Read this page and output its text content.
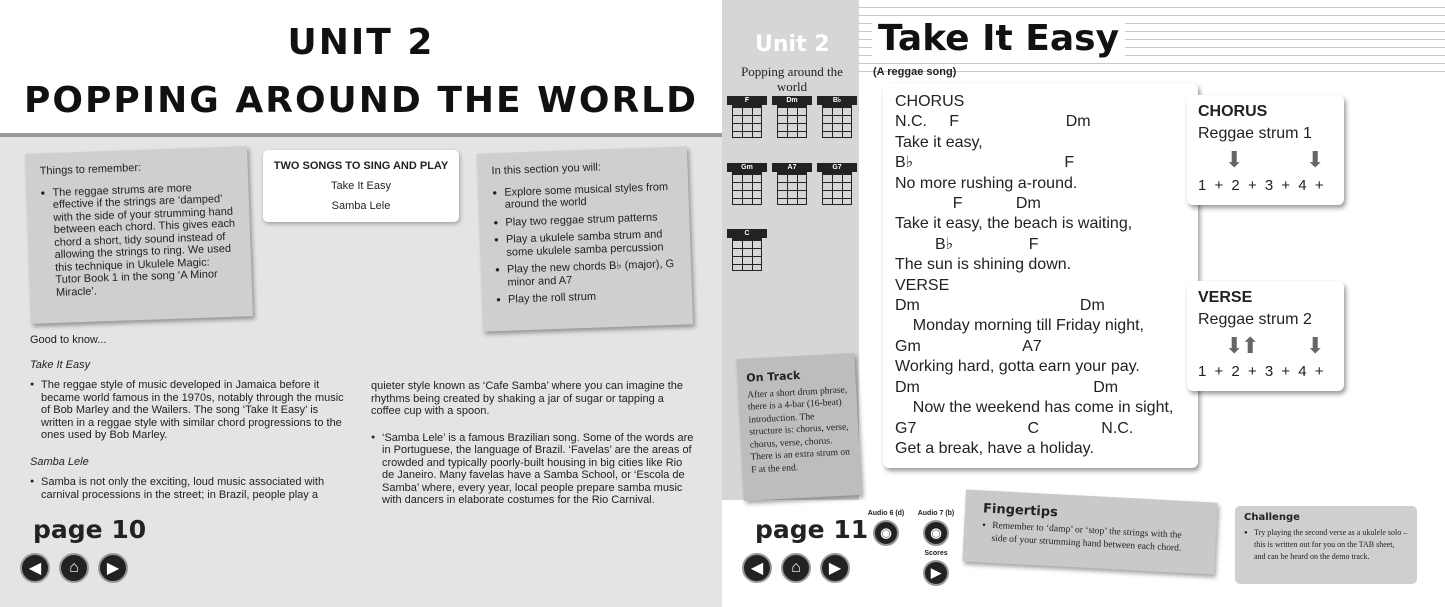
UNIT 2
POPPING AROUND THE WORLD
Things to remember:
● The reggae strums are more effective if the strings are ‘damped’ with the side of your strumming hand between each chord. This gives each chord a short, tidy sound instead of allowing the strings to ring. We used this technique in Ukulele Magic: Tutor Book 1 in the song ‘A Minor Miracle’.
TWO SONGS TO SING AND PLAY
Take It Easy
Samba Lele
In this section you will:
● Explore some musical styles from around the world
● Play two reggae strum patterns
● Play a ukulele samba strum and some ukulele samba percussion
● Play the new chords B♭ (major), G minor and A7
● Play the roll strum
Good to know...
Take It Easy
● The reggae style of music developed in Jamaica before it became world famous in the 1970s, notably through the music of Bob Marley and the Wailers. The song ‘Take It Easy’ is written in a reggae style with similar chord progressions to the ones used by Bob Marley.
Samba Lele
● Samba is not only the exciting, loud music associated with carnival processions in the street; in Brazil, people play a
quieter style known as ‘Cafe Samba’ where you can imagine the rhythms being created by shaking a jar of sugar or tapping a coffee cup with a spoon.
● ‘Samba Lele’ is a famous Brazilian song. Some of the words are in Portuguese, the language of Brazil. ‘Favelas’ are the areas of crowded and typically poorly-built housing in big cities like Rio de Janeiro. Many favelas have a Samba School, or ‘Escola de Samba’ where, every year, local people prepare samba music with dancers in elaborate costumes for the Rio Carnival.
page 10
◀ ⌂ ▶
Take It Easy
(A reggae song)
Unit 2
Popping around the world
F	Dm	B♭
Gm	A7	G7
C
CHORUS
N.C.     F                        Dm
Take it easy,
B♭                                  F
No more rushing a-round.
F            Dm
Take it easy, the beach is waiting,
B♭                 F
The sun is shining down.
VERSE
Dm                                    Dm
Monday morning till Friday night,
Gm                       A7
Working hard, gotta earn your pay.
Dm                                       Dm
Now the weekend has come in sight,
G7                         C              N.C.
Get a break, have a holiday.
CHORUS
Reggae strum 1
⬇	⬇
1 + 2 + 3 + 4 +
VERSE
Reggae strum 2
⬇
⬆ ⬇
1 + 2 + 3 + 4 +
On Track
After a short drum phrase, there is a 4-bar (16-beat) introduction. The structure is: chorus, verse, chorus, verse, chorus. There is an extra strum on F at the end.
page 11
◀ ⌂ ▶
Audio 6 (d)
◉
Audio 7 (b)
◉
Scores
▶
Fingertips
● Remember to ‘damp’ or ‘stop’ the strings with the side of your strumming hand between each chord.
Challenge
● Try playing the second verse as a ukulele solo – this is written out for you on the TAB sheet, and can be heard on the demo track.
